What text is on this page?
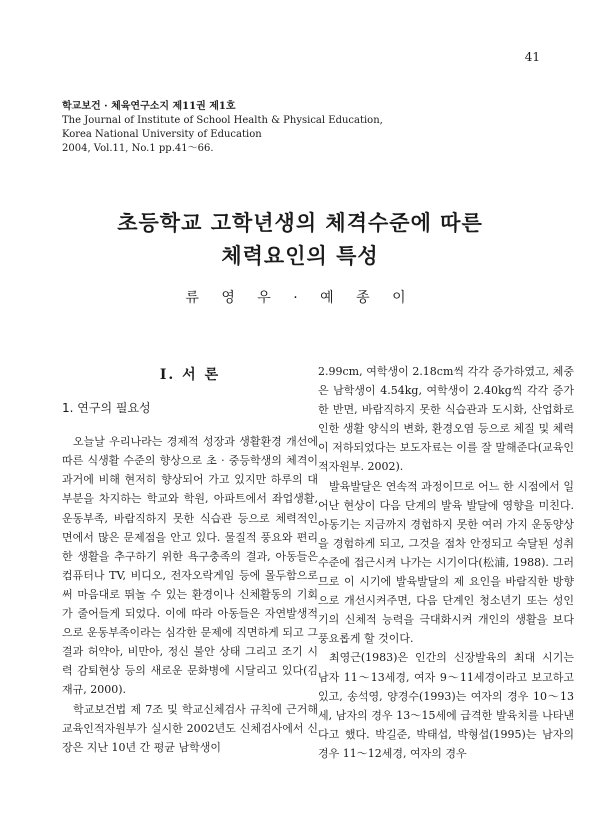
41
학교보건 · 체육연구소지 제11권 제1호
The Journal of Institute of School Health & Physical Education,
Korea National University of Education
2004, Vol.11, No.1 pp.41～66.
초등학교 고학년생의 체격수준에 따른
체력요인의 특성
류 영 우 · 예 종 이
Ⅰ. 서 론
1. 연구의 필요성

오늘날 우리나라는 경제적 성장과 생활환경 개선에 따른 식생활 수준의 향상으로 초 · 중등학생의 체격이 과거에 비해 현저히 향상되어 가고 있지만 하루의 대부분을 차지하는 학교와 학원, 아파트에서 좌업생활, 운동부족, 바람직하지 못한 식습관 등으로 체력적인 면에서 많은 문제점을 안고 있다. 물질적 풍요와 편리한 생활을 추구하기 위한 욕구충족의 결과, 아동들은 컴퓨터나 TV, 비디오, 전자오락게임 등에 몰두함으로써 마음대로 뛰놀 수 있는 환경이나 신체활동의 기회가 줄어들게 되었다. 이에 따라 아동들은 자연발생적으로 운동부족이라는 심각한 문제에 직면하게 되고 그 결과 허약아, 비만아, 정신 불안 상태 그리고 조기 시력 감퇴현상 등의 새로운 문화병에 시달리고 있다(김재규, 2000).

학교보건법 제 7조 및 학교신체검사 규칙에 근거해 교육인적자원부가 실시한 2002년도 신체검사에서 신장은 지난 10년 간 평균 남학생이

2.99cm, 여학생이 2.18cm씩 각각 증가하였고, 체중은 남학생이 4.54kg, 여학생이 2.40kg씩 각각 증가한 반면, 바람직하지 못한 식습관과 도시화, 산업화로 인한 생활 양식의 변화, 환경오염 등으로 체질 및 체력이 저하되었다는 보도자료는 이를 잘 말해준다(교육인적자원부. 2002).

발육발달은 연속적 과정이므로 어느 한 시점에서 일어난 현상이 다음 단계의 발육 발달에 영향을 미친다. 아동기는 지금까지 경험하지 못한 여러 가지 운동양상을 경험하게 되고, 그것을 점차 안정되고 숙달된 성취수준에 접근시켜 나가는 시기이다(松浦, 1988). 그러므로 이 시기에 발육발달의 제 요인을 바람직한 방향으로 개선시켜주면, 다음 단계인 청소년기 또는 성인기의 신체적 능력을 극대화시켜 개인의 생활을 보다 풍요롭게 할 것이다.

최영근(1983)은 인간의 신장발육의 최대 시기는 남자 11～13세경, 여자 9～11세경이라고 보고하고 있고, 송석영, 양경수(1993)는 여자의 경우 10～13세, 남자의 경우 13～15세에 급격한 발육치를 나타낸다고 했다. 박길준, 박태섭, 박형섭(1995)는 남자의 경우 11～12세경, 여자의 경우
